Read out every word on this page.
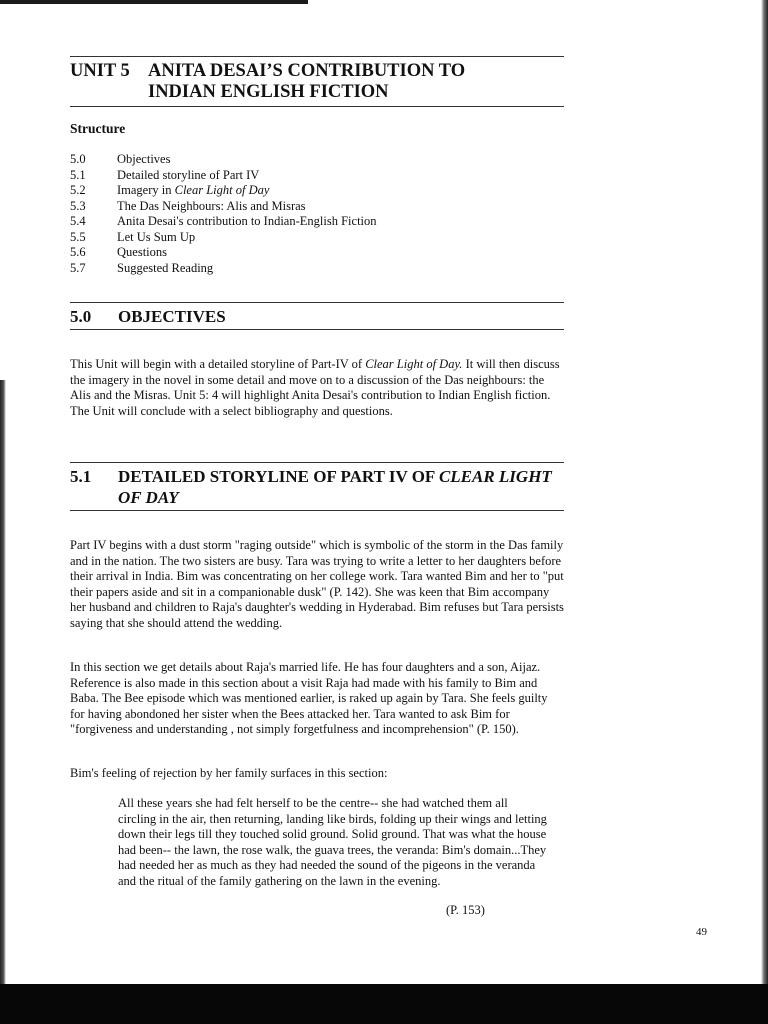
UNIT 5 ANITA DESAI’S CONTRIBUTION TO
INDIAN ENGLISH FICTION
Structure
5.0	Objectives
5.1	Detailed storyline of Part IV
5.2	Imagery in Clear Light of Day
5.3	The Das Neighbours: Alis and Misras
5.4	Anita Desai's contribution to Indian-English Fiction
5.5	Let Us Sum Up
5.6	Questions
5.7	Suggested Reading
5.0	OBJECTIVES
This Unit will begin with a detailed storyline of Part-IV of Clear Light of Day. It will then discuss the imagery in the novel in some detail and move on to a discussion of the Das neighbours: the Alis and the Misras. Unit 5: 4 will highlight Anita Desai's contribution to Indian English fiction. The Unit will conclude with a select bibliography and questions.
5.1	DETAILED STORYLINE OF PART IV OF CLEAR LIGHT OF DAY
Part IV begins with a dust storm "raging outside" which is symbolic of the storm in the Das family and in the nation. The two sisters are busy. Tara was trying to write a letter to her daughters before their arrival in India. Bim was concentrating on her college work. Tara wanted Bim and her to "put their papers aside and sit in a companionable dusk" (P. 142). She was keen that Bim accompany her husband and children to Raja's daughter's wedding in Hyderabad. Bim refuses but Tara persists saying that she should attend the wedding.
In this section we get details about Raja's married life. He has four daughters and a son, Aijaz. Reference is also made in this section about a visit Raja had made with his family to Bim and Baba. The Bee episode which was mentioned earlier, is raked up again by Tara. She feels guilty for having abondoned her sister when the Bees attacked her. Tara wanted to ask Bim for "forgiveness and understanding , not simply forgetfulness and incomprehension" (P. 150).
Bim's feeling of rejection by her family surfaces in this section:
All these years she had felt herself to be the centre-- she had watched them all circling in the air, then returning, landing like birds, folding up their wings and letting down their legs till they touched solid ground. Solid ground. That was what the house had been-- the lawn, the rose walk, the guava trees, the veranda: Bim's domain...They had needed her as much as they had needed the sound of the pigeons in the veranda and the ritual of the family gathering on the lawn in the evening.
(P. 153)
49
